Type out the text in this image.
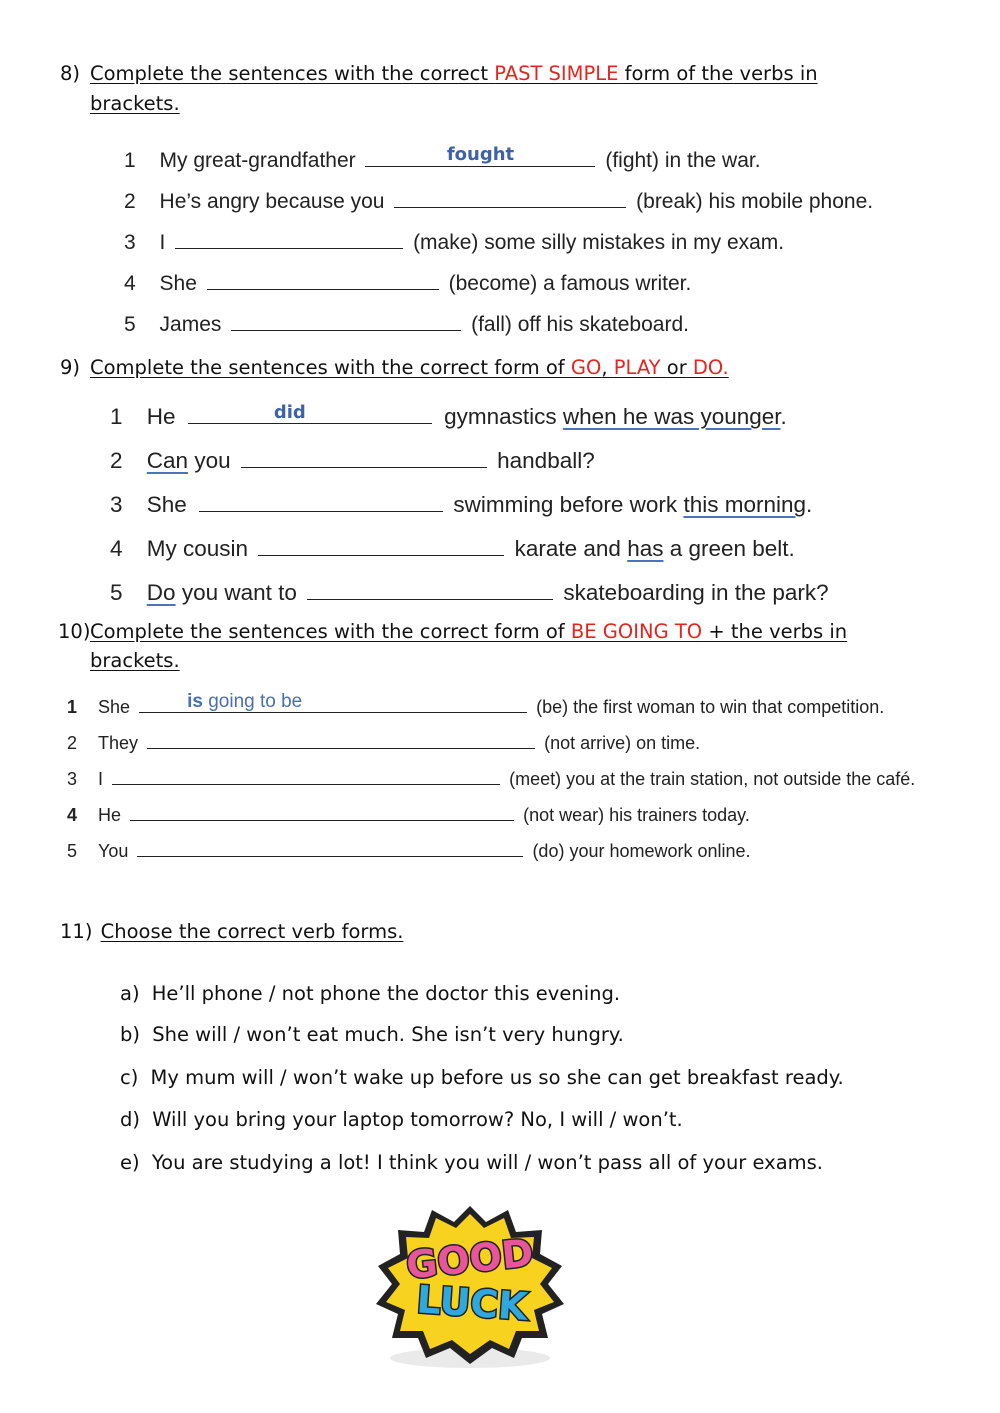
8) Complete the sentences with the correct PAST SIMPLE form of the verbs in
brackets.
1 My great-grandfather	fought	(fight) in the war.
2 He’s angry because you	(break) his mobile phone.
3 I	(make) some silly mistakes in my exam.
4 She	(become) a famous writer.
5 James	(fall) off his skateboard.
9) Complete the sentences with the correct form of GO, PLAY or DO.
1 He	did	gymnastics when he was younger.
2 Can you	handball?
3 She	swimming before work this morning.
4 My cousin	karate and has a green belt.
5 Do you want to	skateboarding in the park?
10) Complete the sentences with the correct form of BE GOING TO + the verbs in
brackets.
1 She	is going to be	(be) the first woman to win that competition.
2 They	(not arrive) on time.
3 I	(meet) you at the train station, not outside the café.
4 He	(not wear) his trainers today.
5 You	(do) your homework online.
11) Choose the correct verb forms.
a) He’ll phone / not phone the doctor this evening.
b) She will / won’t eat much. She isn’t very hungry.
c) My mum will / won’t wake up before us so she can get breakfast ready.
d) Will you bring your laptop tomorrow? No, I will / won’t.
e) You are studying a lot! I think you will / won’t pass all of your exams.
GOOD
LUCK
